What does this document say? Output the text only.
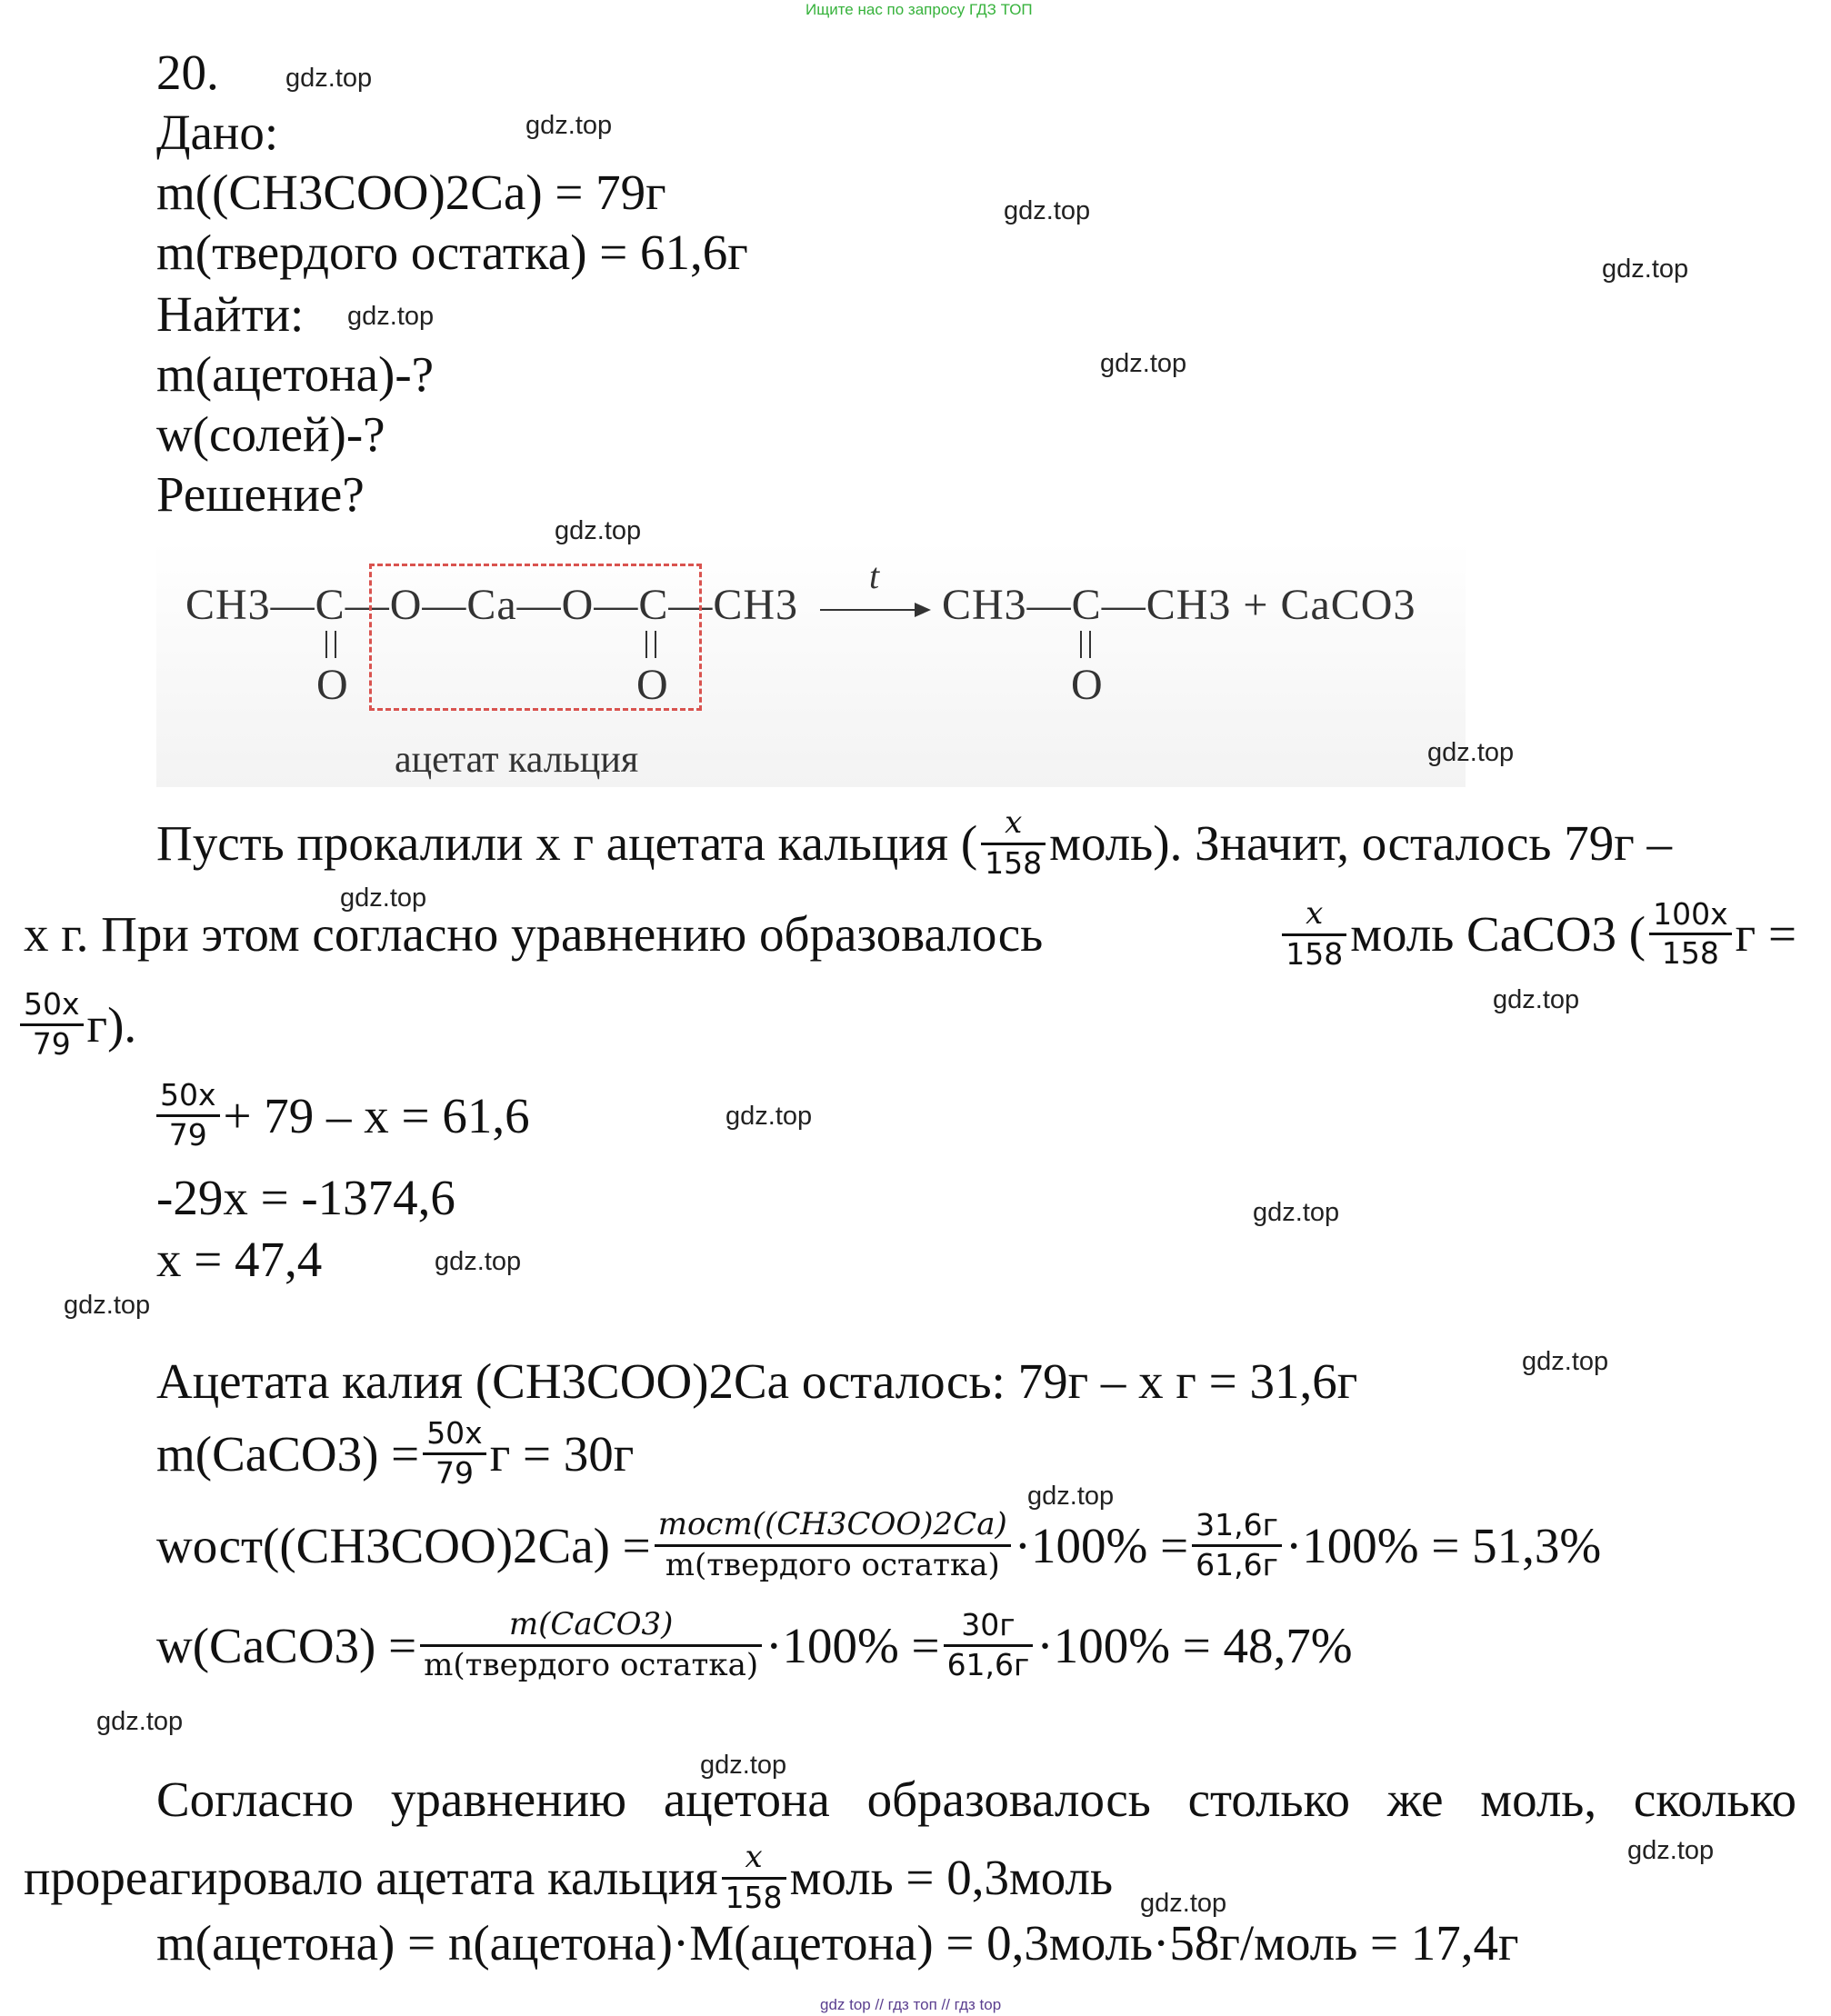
Ищите нас по запросу ГДЗ ТОП
gdz top // гдз топ // гдз top
20.
Дано:
m((CH3COO)2Ca) = 79г
m(твердого остатка) = 61,6г
Найти:
m(ацетона)-?
w(солей)-?
Решение?
CH3—C—O—Ca—O—C—CH3
O	O
t
CH3—C—CH3 + CaCO3
O
ацетат кальция
Пусть прокалили x г ацетата кальция ( $\frac{x}{158}$ моль). Значит, осталось 79г –
x г. При этом согласно уравнению образовалось	$\frac{x}{158}$ моль CaCO3 ( $\frac{100x}{158}$ г =
$\frac{50x}{79} г$).
$\frac{50x}{79} + 79 - x = 61,6$
-29x = -1374,6
x = 47,4
Ацетата калия (CH3COO)2Ca осталось: 79г – x г = 31,6г
m(CaCO3) = $\frac{50x}{79}$ г = 30г
wост((CH3COO)2Ca) = $\frac{\text{mост((CH3COO)2Ca)}}{\text{m(твердого остатка)}} \cdot 100\% = \frac{31,6г}{61,6г} \cdot 100\% = 51,3\%$
w(CaCO3) = $\frac{\text{m(CaCO3)}}{\text{m(твердого остатка)}} \cdot 100\% = \frac{30г}{61,6г} \cdot 100\% = 48,7\%$
Согласно уравнению ацетона образовалось столько же моль, сколько
прореагировало ацетата кальция $\frac{x}{158}$ моль = 0,3моль
m(ацетона) = n(ацетона)·M(ацетона) = 0,3моль·58г/моль = 17,4г
gdz.top
gdz.top
gdz.top
gdz.top
gdz.top
gdz.top
gdz.top
gdz.top
gdz.top
gdz.top
gdz.top
gdz.top
gdz.top
gdz.top
gdz.top
gdz.top
gdz.top
gdz.top
gdz.top
gdz.top
